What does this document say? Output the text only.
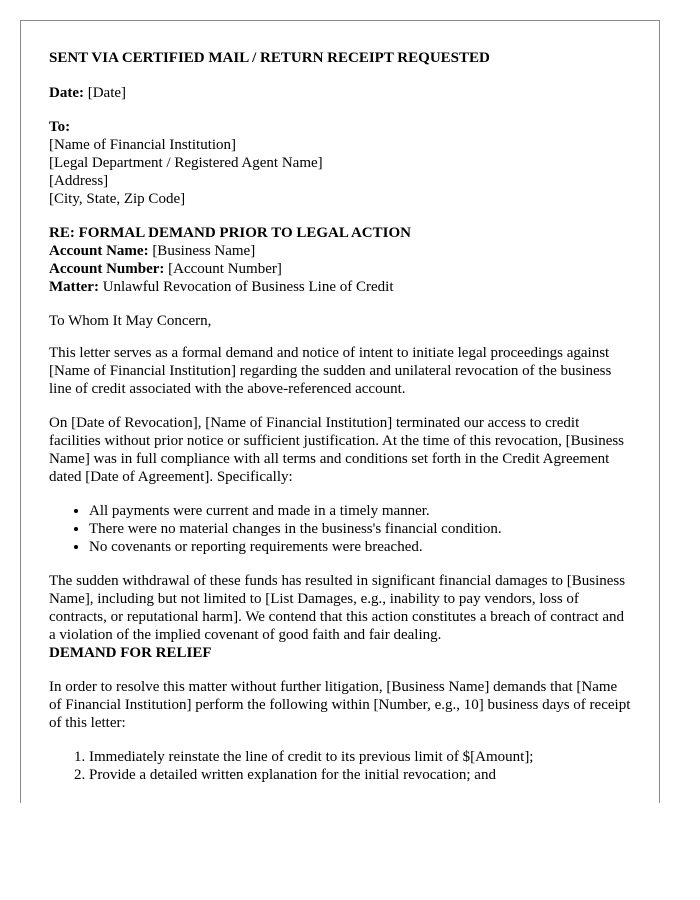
SENT VIA CERTIFIED MAIL / RETURN RECEIPT REQUESTED

Date: [Date]

To:

[Name of Financial Institution]

[Legal Department / Registered Agent Name]

[Address]

[City, State, Zip Code]

RE: FORMAL DEMAND PRIOR TO LEGAL ACTION

Account Name: [Business Name]

Account Number: [Account Number]

Matter: Unlawful Revocation of Business Line of Credit

To Whom It May Concern,

This letter serves as a formal demand and notice of intent to initiate legal proceedings against [Name of Financial Institution] regarding the sudden and unilateral revocation of the business line of credit associated with the above-referenced account.

On [Date of Revocation], [Name of Financial Institution] terminated our access to credit facilities without prior notice or sufficient justification. At the time of this revocation, [Business Name] was in full compliance with all terms and conditions set forth in the Credit Agreement dated [Date of Agreement]. Specifically:

• All payments were current and made in a timely manner.
• There were no material changes in the business's financial condition.
• No covenants or reporting requirements were breached.

The sudden withdrawal of these funds has resulted in significant financial damages to [Business Name], including but not limited to [List Damages, e.g., inability to pay vendors, loss of contracts, or reputational harm]. We contend that this action constitutes a breach of contract and a violation of the implied covenant of good faith and fair dealing.

DEMAND FOR RELIEF

In order to resolve this matter without further litigation, [Business Name] demands that [Name of Financial Institution] perform the following within [Number, e.g., 10] business days of receipt of this letter:

1. Immediately reinstate the line of credit to its previous limit of $[Amount];
2. Provide a detailed written explanation for the initial revocation; and
